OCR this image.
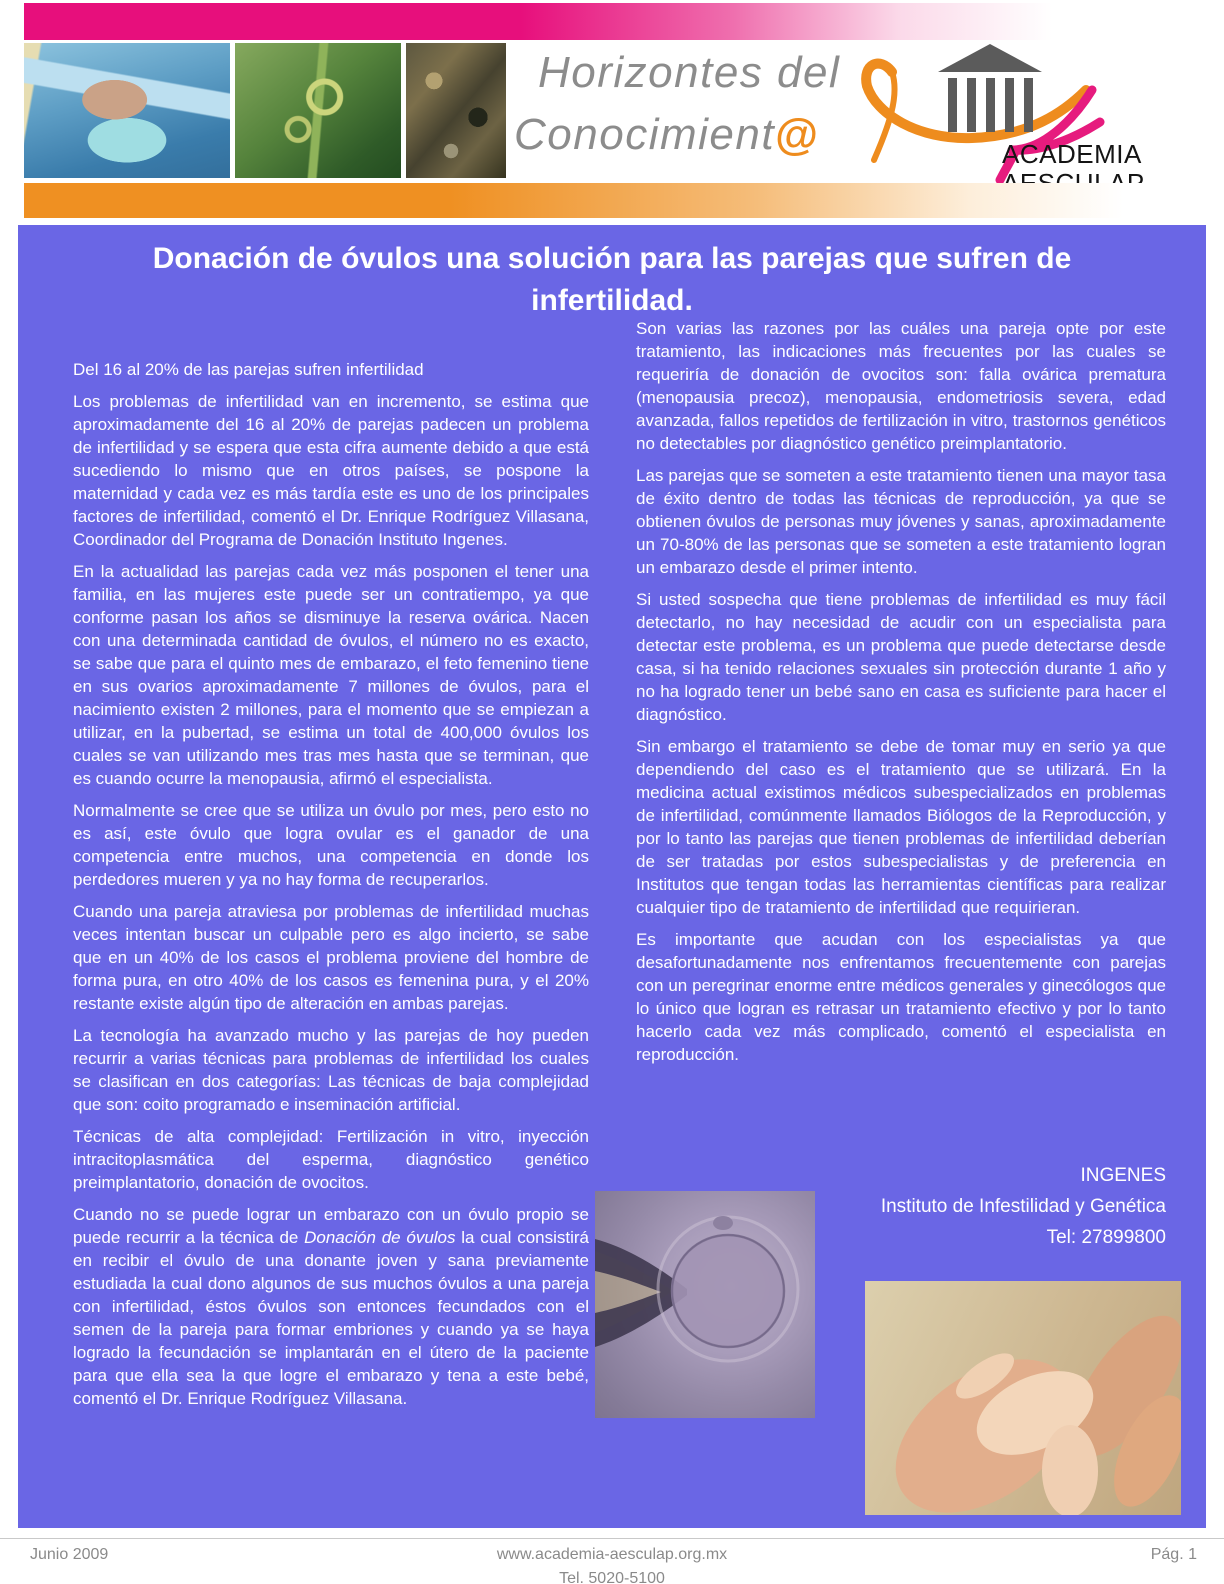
Horizontes del
Conocimient@	ACADEMIA
Donación de óvulos una solución para las parejas que sufren de
infertilidad.

Del 16 al 20% de las parejas sufren infertilidad

Los problemas de infertilidad van en incremento, se estima que aproximadamente del 16 al 20% de parejas padecen un problema de infertilidad y se espera que esta cifra aumente debido a que está sucediendo lo mismo que en otros países, se pospone la maternidad y cada vez es más tardía este es uno de los principales factores de infertilidad, comentó el Dr. Enrique Rodríguez Villasana, Coordinador del Programa de Donación Instituto Ingenes.

En la actualidad las parejas cada vez más posponen el tener una familia, en las mujeres este puede ser un contratiempo, ya que conforme pasan los años se disminuye la reserva ovárica. Nacen con una determinada cantidad de óvulos, el número no es exacto, se sabe que para el quinto mes de embarazo, el feto femenino tiene en sus ovarios aproximadamente 7 millones de óvulos, para el nacimiento existen 2 millones, para el momento que se empiezan a utilizar, en la pubertad, se estima un total de 400,000 óvulos los cuales se van utilizando mes tras mes hasta que se terminan, que es cuando ocurre la menopausia, afirmó el especialista.

Normalmente se cree que se utiliza un óvulo por mes, pero esto no es así, este óvulo que logra ovular es el ganador de una competencia entre muchos, una competencia en donde los perdedores mueren y ya no hay forma de recuperarlos.

Cuando una pareja atraviesa por problemas de infertilidad muchas veces intentan buscar un culpable pero es algo incierto, se sabe que en un 40% de los casos el problema proviene del hombre de forma pura, en otro 40% de los casos es femenina pura, y el 20% restante existe algún tipo de alteración en ambas parejas.

La tecnología ha avanzado mucho y las parejas de hoy pueden recurrir a varias técnicas para problemas de infertilidad los cuales se clasifican en dos categorías: Las técnicas de baja complejidad que son: coito programado e inseminación artificial.

Técnicas de alta complejidad: Fertilización in vitro, inyección intracitoplasmática del esperma, diagnóstico genético preimplantatorio, donación de ovocitos.

Cuando no se puede lograr un embarazo con un óvulo propio se puede recurrir a la técnica de Donación de óvulos la cual consistirá en recibir el óvulo de una donante joven y sana previamente estudiada la cual dono algunos de sus muchos óvulos a una pareja con infertilidad, éstos óvulos son entonces fecundados con el semen de la pareja para formar embriones y cuando ya se haya logrado la fecundación se implantarán en el útero de la paciente para que ella sea la que logre el embarazo y tena a este bebé, comentó el Dr. Enrique Rodríguez Villasana.

Son varias las razones por las cuáles una pareja opte por este tratamiento, las indicaciones más frecuentes por las cuales se requeriría de donación de ovocitos son: falla ovárica prematura (menopausia precoz), menopausia, endometriosis severa, edad avanzada, fallos repetidos de fertilización in vitro, trastornos genéticos no detectables por diagnóstico genético preimplantatorio.

Las parejas que se someten a este tratamiento tienen una mayor tasa de éxito dentro de todas las técnicas de reproducción, ya que se obtienen óvulos de personas muy jóvenes y sanas, aproximadamente un 70-80% de las personas que se someten a este tratamiento logran un embarazo desde el primer intento.

Si usted sospecha que tiene problemas de infertilidad es muy fácil detectarlo, no hay necesidad de acudir con un especialista para detectar este problema, es un problema que puede detectarse desde casa, si ha tenido relaciones sexuales sin protección durante 1 año y no ha logrado tener un bebé sano en casa es suficiente para hacer el diagnóstico.

Sin embargo el tratamiento se debe de tomar muy en serio ya que dependiendo del caso es el tratamiento que se utilizará. En la medicina actual existimos médicos subespecializados en problemas de infertilidad, comúnmente llamados Biólogos de la Reproducción, y por lo tanto las parejas que tienen problemas de infertilidad deberían de ser tratadas por estos subespecialistas y de preferencia en Institutos que tengan todas las herramientas científicas para realizar cualquier tipo de tratamiento de infertilidad que requirieran.

Es importante que acudan con los especialistas ya que desafortunadamente nos enfrentamos frecuentemente con parejas con un peregrinar enorme entre médicos generales y ginecólogos que lo único que logran es retrasar un tratamiento efectivo y por lo tanto hacerlo cada vez más complicado, comentó el especialista en reproducción.

INGENES
Instituto de Infestilidad y Genética
Tel: 27899800
Junio 2009	www.academia-aesculap.org.mx	Pág. 1
Tel. 5020-5100
